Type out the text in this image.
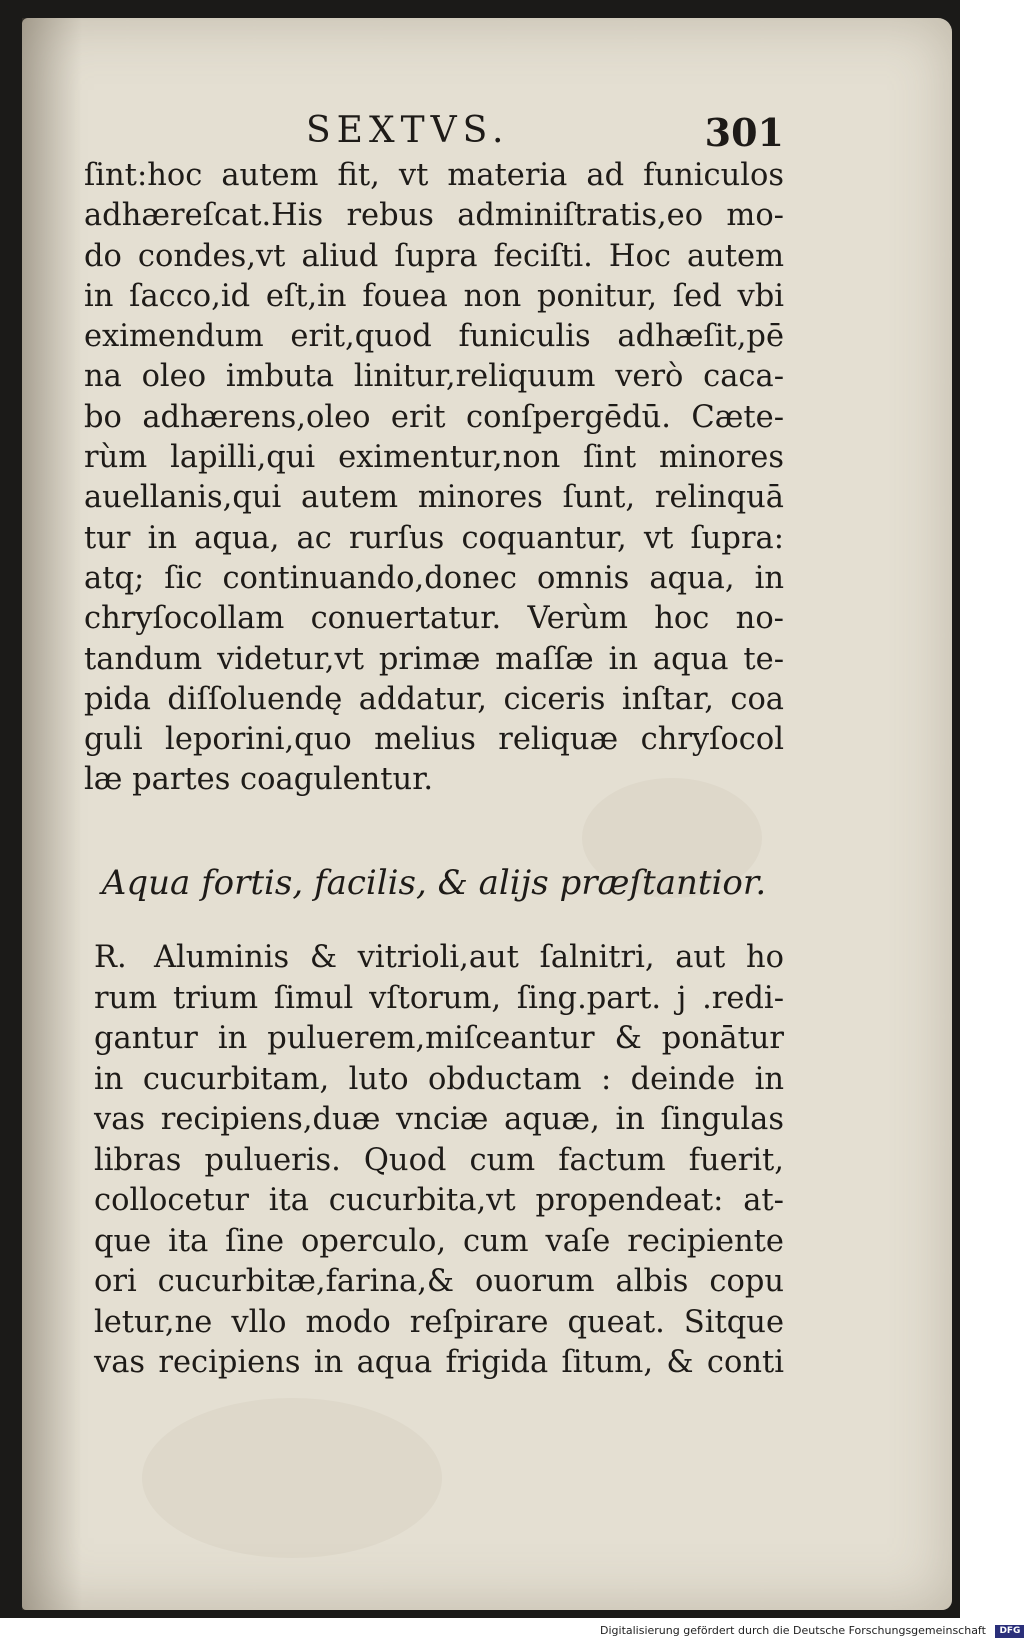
SEXTVS.	301
ſint:hoc autem fit, vt materia ad funiculos
adhæreſcat.His rebus adminiſtratis,eo mo-
do condes,vt aliud ſupra feciſti. Hoc autem
in ſacco,id eſt,in fouea non ponitur, ſed vbi
eximendum erit,quod funiculis adhæſit,pē
na oleo imbuta linitur,reliquum verò caca-
bo adhærens,oleo erit conſpergēdū. Cæte-
rùm lapilli,qui eximentur,non ſint minores
auellanis,qui autem minores ſunt, relinquā
tur in aqua, ac rurſus coquantur, vt ſupra:
atq; ſic continuando,donec omnis aqua, in
chryſocollam conuertatur. Verùm hoc no-
tandum videtur,vt primæ maſſæ in aqua te-
pida diſſoluendę addatur, ciceris inſtar, coa
guli leporini,quo melius reliquæ chryſocol
læ partes coagulentur.
Aqua fortis, facilis, & alijs præſtantior.
R. Aluminis & vitrioli,aut ſalnitri, aut ho
rum trium ſimul vſtorum, ſing.part. j .redi-
gantur in puluerem,miſceantur & ponātur
in cucurbitam, luto obductam : deinde in
vas recipiens,duæ vnciæ aquæ, in ſingulas
libras pulueris. Quod cum factum fuerit,
collocetur ita cucurbita,vt propendeat: at-
que ita ſine operculo, cum vaſe recipiente
ori cucurbitæ,farina,& ouorum albis copu
letur,ne vllo modo reſpirare queat. Sitque
vas recipiens in aqua frigida ſitum, & conti
Digitalisierung gefördert durch die Deutsche Forschungsgemeinschaft DFG
